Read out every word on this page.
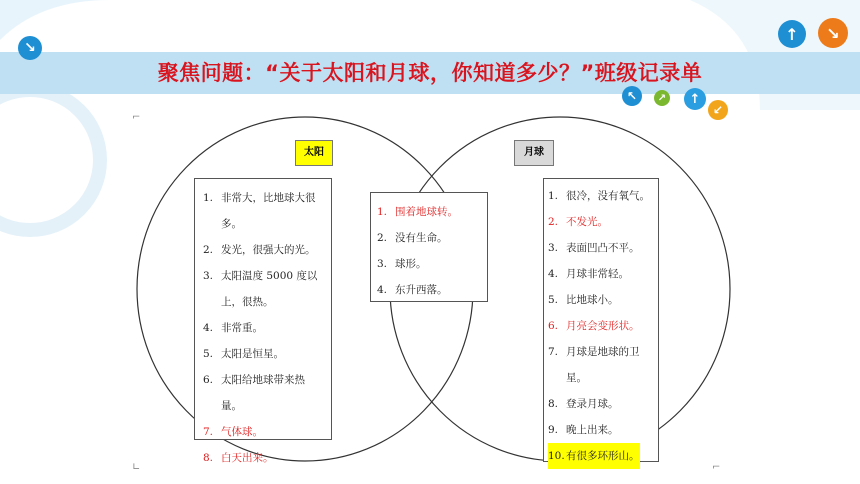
聚焦问题：“关于太阳和月球，你知道多少？”班级记录单
↘
↑	↘
↖	↗	↑
↙
⌐
∟	⌐
太阳	月球
1. 非常大，比地球大很多。
2. 发光，很强大的光。
3. 太阳温度 5000 度以上，很热。
4. 非常重。
5. 太阳是恒星。
6. 太阳给地球带来热量。
7. 气体球。
8. 白天出来。
1. 围着地球转。
2. 没有生命。
3. 球形。
4. 东升西落。
1. 很冷，没有氧气。
2. 不发光。
3. 表面凹凸不平。
4. 月球非常轻。
5. 比地球小。
6. 月亮会变形状。
7. 月球是地球的卫星。
8. 登录月球。
9. 晚上出来。
10. 有很多环形山。
